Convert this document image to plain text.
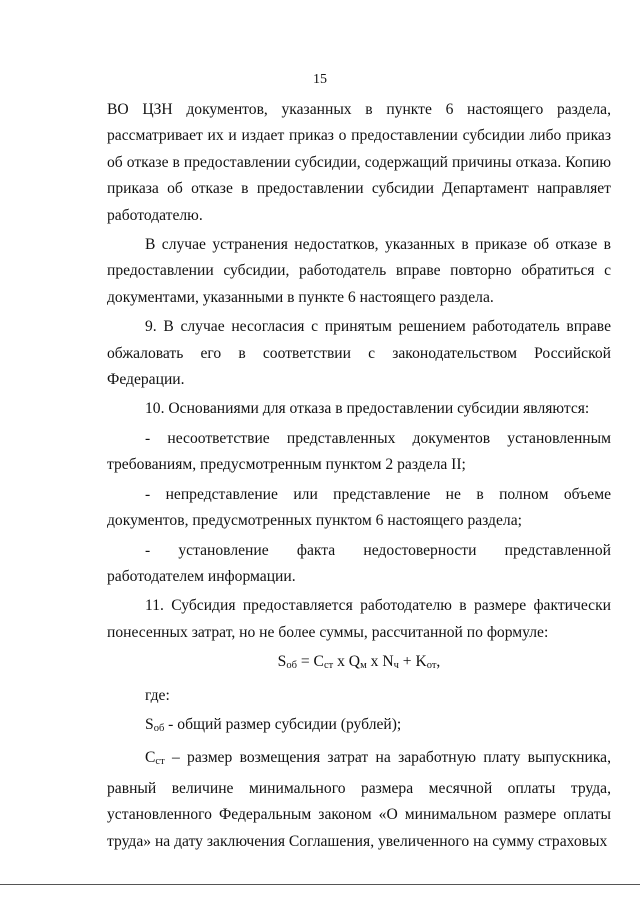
15

ВО ЦЗН документов, указанных в пункте 6 настоящего раздела, рассматривает их и издает приказ о предоставлении субсидии либо приказ об отказе в предоставлении субсидии, содержащий причины отказа. Копию приказа об отказе в предоставлении субсидии Департамент направляет работодателю.

В случае устранения недостатков, указанных в приказе об отказе в предоставлении субсидии, работодатель вправе повторно обратиться с документами, указанными в пункте 6 настоящего раздела.

9. В случае несогласия с принятым решением работодатель вправе обжаловать его в соответствии с законодательством Российской Федерации.

10. Основаниями для отказа в предоставлении субсидии являются:

- несоответствие представленных документов установленным требованиям, предусмотренным пунктом 2 раздела II;

- непредставление или представление не в полном объеме документов, предусмотренных пунктом 6 настоящего раздела;

- установление факта недостоверности представленной работодателем информации.

11. Субсидия предоставляется работодателю в размере фактически понесенных затрат, но не более суммы, рассчитанной по формуле:

Sоб = Cст x Qм x Nч + Kот,

где:

Sоб - общий размер субсидии (рублей);

Cст – размер возмещения затрат на заработную плату выпускника, равный величине минимального размера месячной оплаты труда, установленного Федеральным законом «О минимальном размере оплаты труда» на дату заключения Соглашения, увеличенного на сумму страховых
